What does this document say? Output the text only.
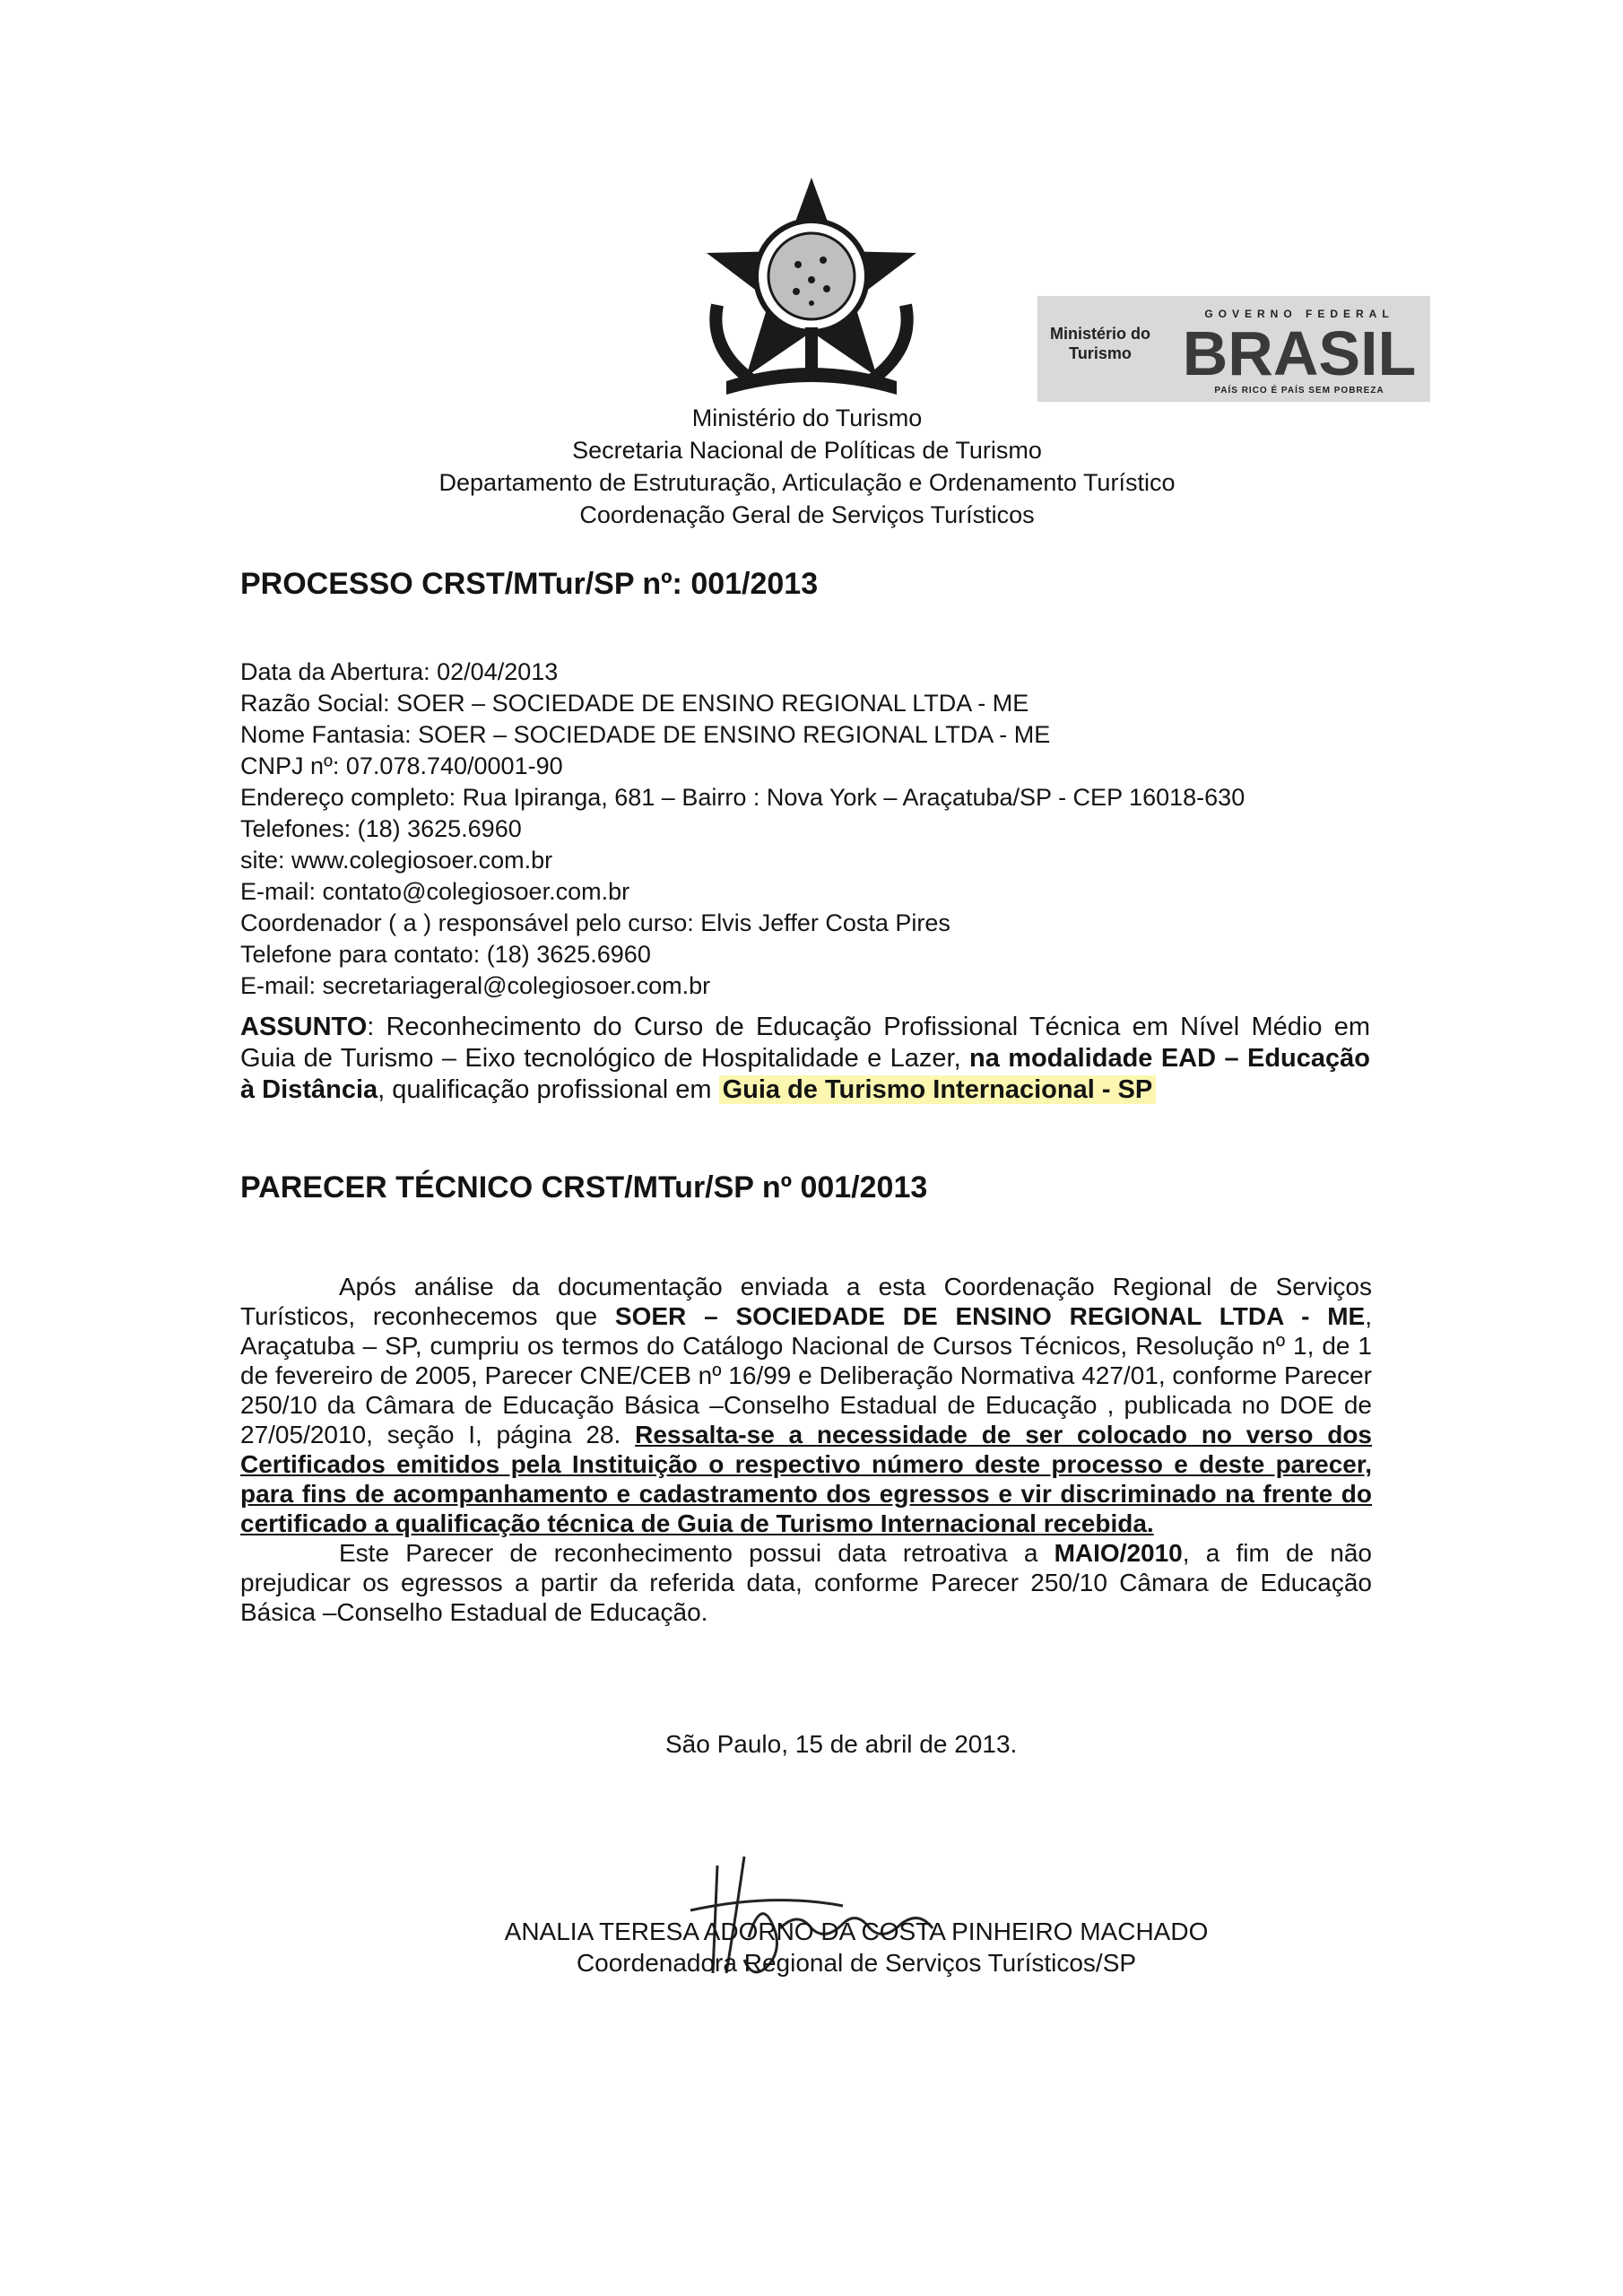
Ministério do
Turismo
GOVERNO FEDERAL
BRASIL
PAÍS RICO É PAÍS SEM POBREZA
Ministério do Turismo
Secretaria Nacional de Políticas de Turismo
Departamento de Estruturação, Articulação e Ordenamento Turístico
Coordenação Geral de Serviços Turísticos
PROCESSO CRST/MTur/SP nº: 001/2013
Data da Abertura: 02/04/2013
Razão Social: SOER – SOCIEDADE DE ENSINO REGIONAL LTDA - ME
Nome Fantasia: SOER – SOCIEDADE DE ENSINO REGIONAL LTDA - ME
CNPJ nº: 07.078.740/0001-90
Endereço completo: Rua Ipiranga, 681 – Bairro : Nova York – Araçatuba/SP - CEP 16018-630
Telefones: (18) 3625.6960
site: www.colegiosoer.com.br
E-mail: contato@colegiosoer.com.br
Coordenador ( a ) responsável pelo curso: Elvis Jeffer Costa Pires
Telefone para contato: (18) 3625.6960
E-mail: secretariageral@colegiosoer.com.br
ASSUNTO: Reconhecimento do Curso de Educação Profissional Técnica em Nível Médio em Guia de Turismo – Eixo tecnológico de Hospitalidade e Lazer, na modalidade EAD – Educação à Distância, qualificação profissional em Guia de Turismo Internacional - SP
PARECER TÉCNICO CRST/MTur/SP nº 001/2013

Após análise da documentação enviada a esta Coordenação Regional de Serviços Turísticos, reconhecemos que SOER – SOCIEDADE DE ENSINO REGIONAL LTDA - ME, Araçatuba – SP, cumpriu os termos do Catálogo Nacional de Cursos Técnicos, Resolução nº 1, de 1 de fevereiro de 2005, Parecer CNE/CEB nº 16/99 e Deliberação Normativa 427/01, conforme Parecer 250/10 da Câmara de Educação Básica –Conselho Estadual de Educação , publicada no DOE de 27/05/2010, seção I, página 28. Ressalta-se a necessidade de ser colocado no verso dos Certificados emitidos pela Instituição o respectivo número deste processo e deste parecer, para fins de acompanhamento e cadastramento dos egressos e vir discriminado na frente do certificado a qualificação técnica de Guia de Turismo Internacional recebida.

Este Parecer de reconhecimento possui data retroativa a MAIO/2010, a fim de não prejudicar os egressos a partir da referida data, conforme Parecer 250/10 Câmara de Educação Básica –Conselho Estadual de Educação.

São Paulo, 15 de abril de 2013.
ANALIA TERESA ADORNO DA COSTA PINHEIRO MACHADO
Coordenadora Regional de Serviços Turísticos/SP
